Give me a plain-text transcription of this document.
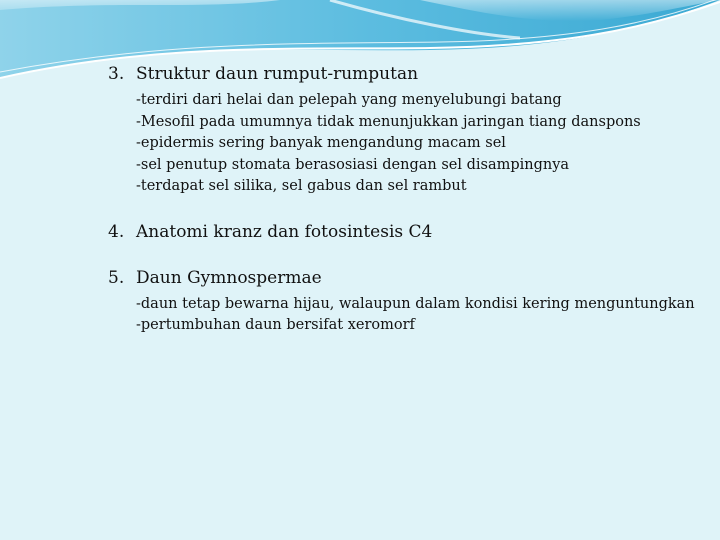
3. Struktur daun rumput-rumputan
-terdiri dari helai dan pelepah yang menyelubungi batang
-Mesofil pada umumnya tidak menunjukkan jaringan tiang danspons
-epidermis sering banyak mengandung macam sel
-sel penutup stomata berasosiasi dengan sel disampingnya
-terdapat sel silika, sel gabus dan sel rambut
4. Anatomi kranz dan fotosintesis C4
5. Daun Gymnospermae
-daun tetap bewarna hijau, walaupun dalam kondisi kering menguntungkan
-pertumbuhan daun bersifat xeromorf
